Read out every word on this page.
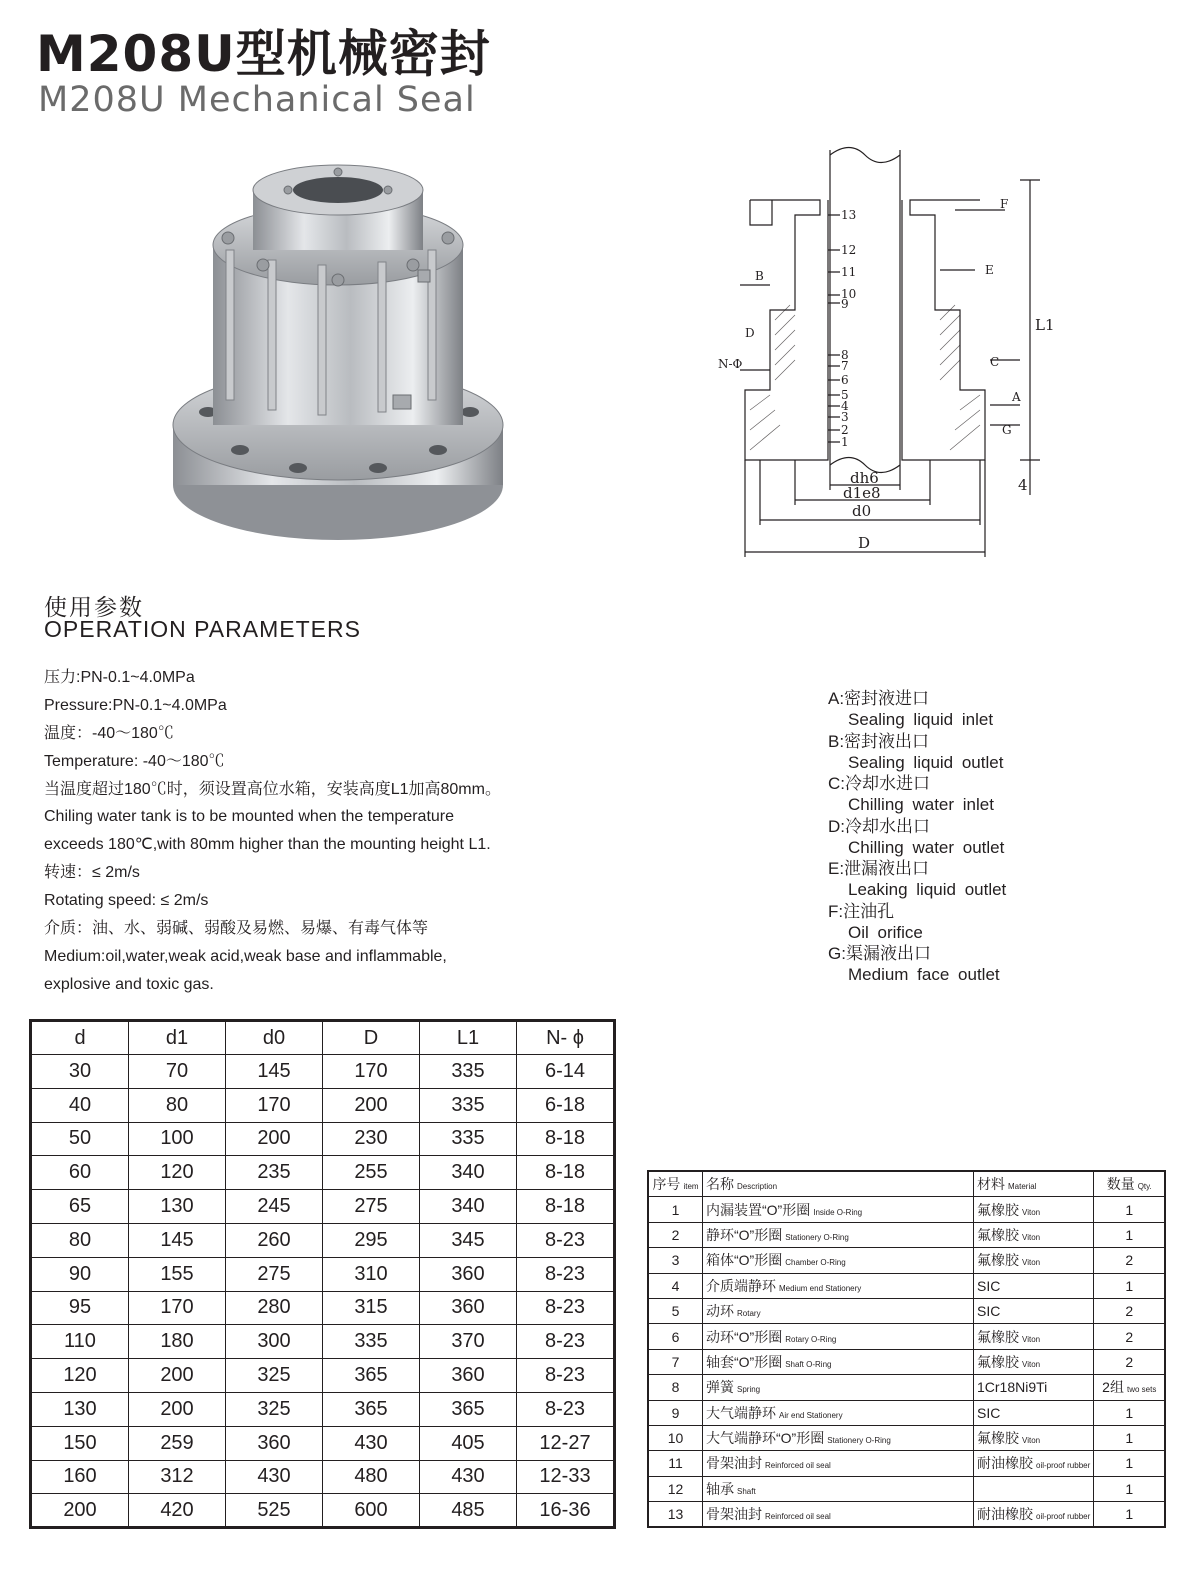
M208U型机械密封
M208U Mechanical Seal
13
12
11
10
9
8
7
6
5
4
3
2
1
A
B
C
D
E
F
G
N-Φ
L1
4
dh6
d1e8
d0
D
使用参数
OPERATION PARAMETERS
压力:PN-0.1~4.0MPa
Pressure:PN-0.1~4.0MPa
温度：-40～180℃
Temperature: -40～180℃
当温度超过180℃时，须设置高位水箱，安装高度L1加高80mm。
Chiling water tank is to be mounted when the temperature
exceeds 180℃,with 80mm higher than the mounting height L1.
转速：≤ 2m/s
Rotating speed: ≤ 2m/s
介质：油、水、弱碱、弱酸及易燃、易爆、有毒气体等
Medium:oil,water,weak acid,weak base and inflammable,
explosive and toxic gas.
A:密封液进口
Sealing liquid inlet
B:密封液出口
Sealing liquid outlet
C:冷却水进口
Chilling water inlet
D:冷却水出口
Chilling water outlet
E:泄漏液出口
Leaking liquid outlet
F:注油孔
Oil orifice
G:渠漏液出口
Medium face outlet
d	d1	d0	D	L1	N- ϕ
30	70	145	170	335	6-14
40	80	170	200	335	6-18
50	100	200	230	335	8-18
60	120	235	255	340	8-18
65	130	245	275	340	8-18
80	145	260	295	345	8-23
90	155	275	310	360	8-23
95	170	280	315	360	8-23
110	180	300	335	370	8-23
120	200	325	365	360	8-23
130	200	325	365	365	8-23
150	259	360	430	405	12-27
160	312	430	480	430	12-33
200	420	525	600	485	16-36
序号 item	名称 Description	材料 Material	数量 Qty.
1	内漏装置“O”形圈 Inside O-Ring	氟橡胶 Viton	1
2	静环“O”形圈 Stationery O-Ring	氟橡胶 Viton	1
3	箱体“O”形圈 Chamber O-Ring	氟橡胶 Viton	2
4	介质端静环 Medium end Stationery	SIC	1
5	动环 Rotary	SIC	2
6	动环“O”形圈 Rotary O-Ring	氟橡胶 Viton	2
7	轴套“O”形圈 Shaft O-Ring	氟橡胶 Viton	2
8	弹簧 Spring	1Cr18Ni9Ti	2组 two sets
9	大气端静环 Air end Stationery	SIC	1
10	大气端静环“O”形圈 Stationery O-Ring	氟橡胶 Viton	1
11	骨架油封 Reinforced oil seal	耐油橡胶 oil-proof rubber	1
12	轴承 Shaft		1
13	骨架油封 Reinforced oil seal	耐油橡胶 oil-proof rubber	1
